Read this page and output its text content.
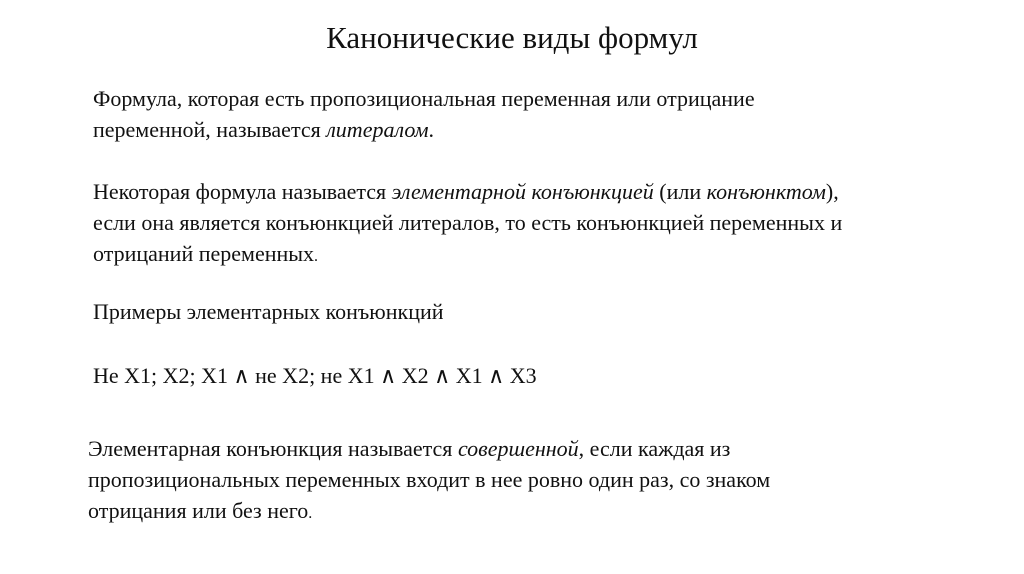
Канонические виды формул

Формула, которая есть пропозициональная переменная или отрицание
переменной, называется литералом.

Некоторая формула называется элементарной конъюнкцией (или конъюнктом),
если она является конъюнкцией литералов, то есть конъюнкцией переменных и
отрицаний переменных.

Примеры элементарных конъюнкций

Не X1; X2; X1 ∧ не X2; не X1 ∧ X2 ∧ X1 ∧ X3

Элементарная конъюнкция называется совершенной, если каждая из
пропозициональных переменных входит в нее ровно один раз, со знаком
отрицания или без него.
